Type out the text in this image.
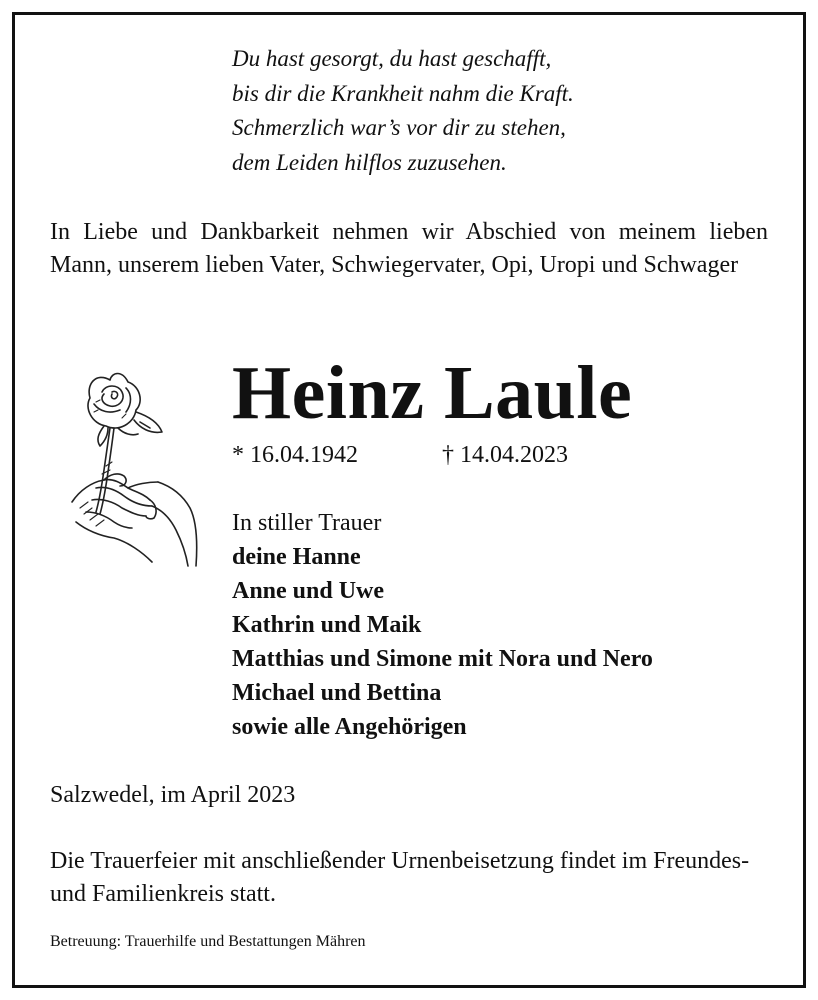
Du hast gesorgt, du hast geschafft,
bis dir die Krankheit nahm die Kraft.
Schmerzlich war’s vor dir zu stehen,
dem Leiden hilflos zuzusehen.
In Liebe und Dankbarkeit nehmen wir Abschied von meinem lieben Mann, unserem lieben Vater, Schwiegervater, Opi, Uropi und Schwager
Heinz Laule
* 16.04.1942	† 14.04.2023
In stiller Trauer
deine Hanne
Anne und Uwe
Kathrin und Maik
Matthias und Simone mit Nora und Nero
Michael und Bettina
sowie alle Angehörigen
Salzwedel, im April 2023
Die Trauerfeier mit anschließender Urnenbeisetzung findet im Freundes- und Familienkreis statt.
Betreuung: Trauerhilfe und Bestattungen Mähren
